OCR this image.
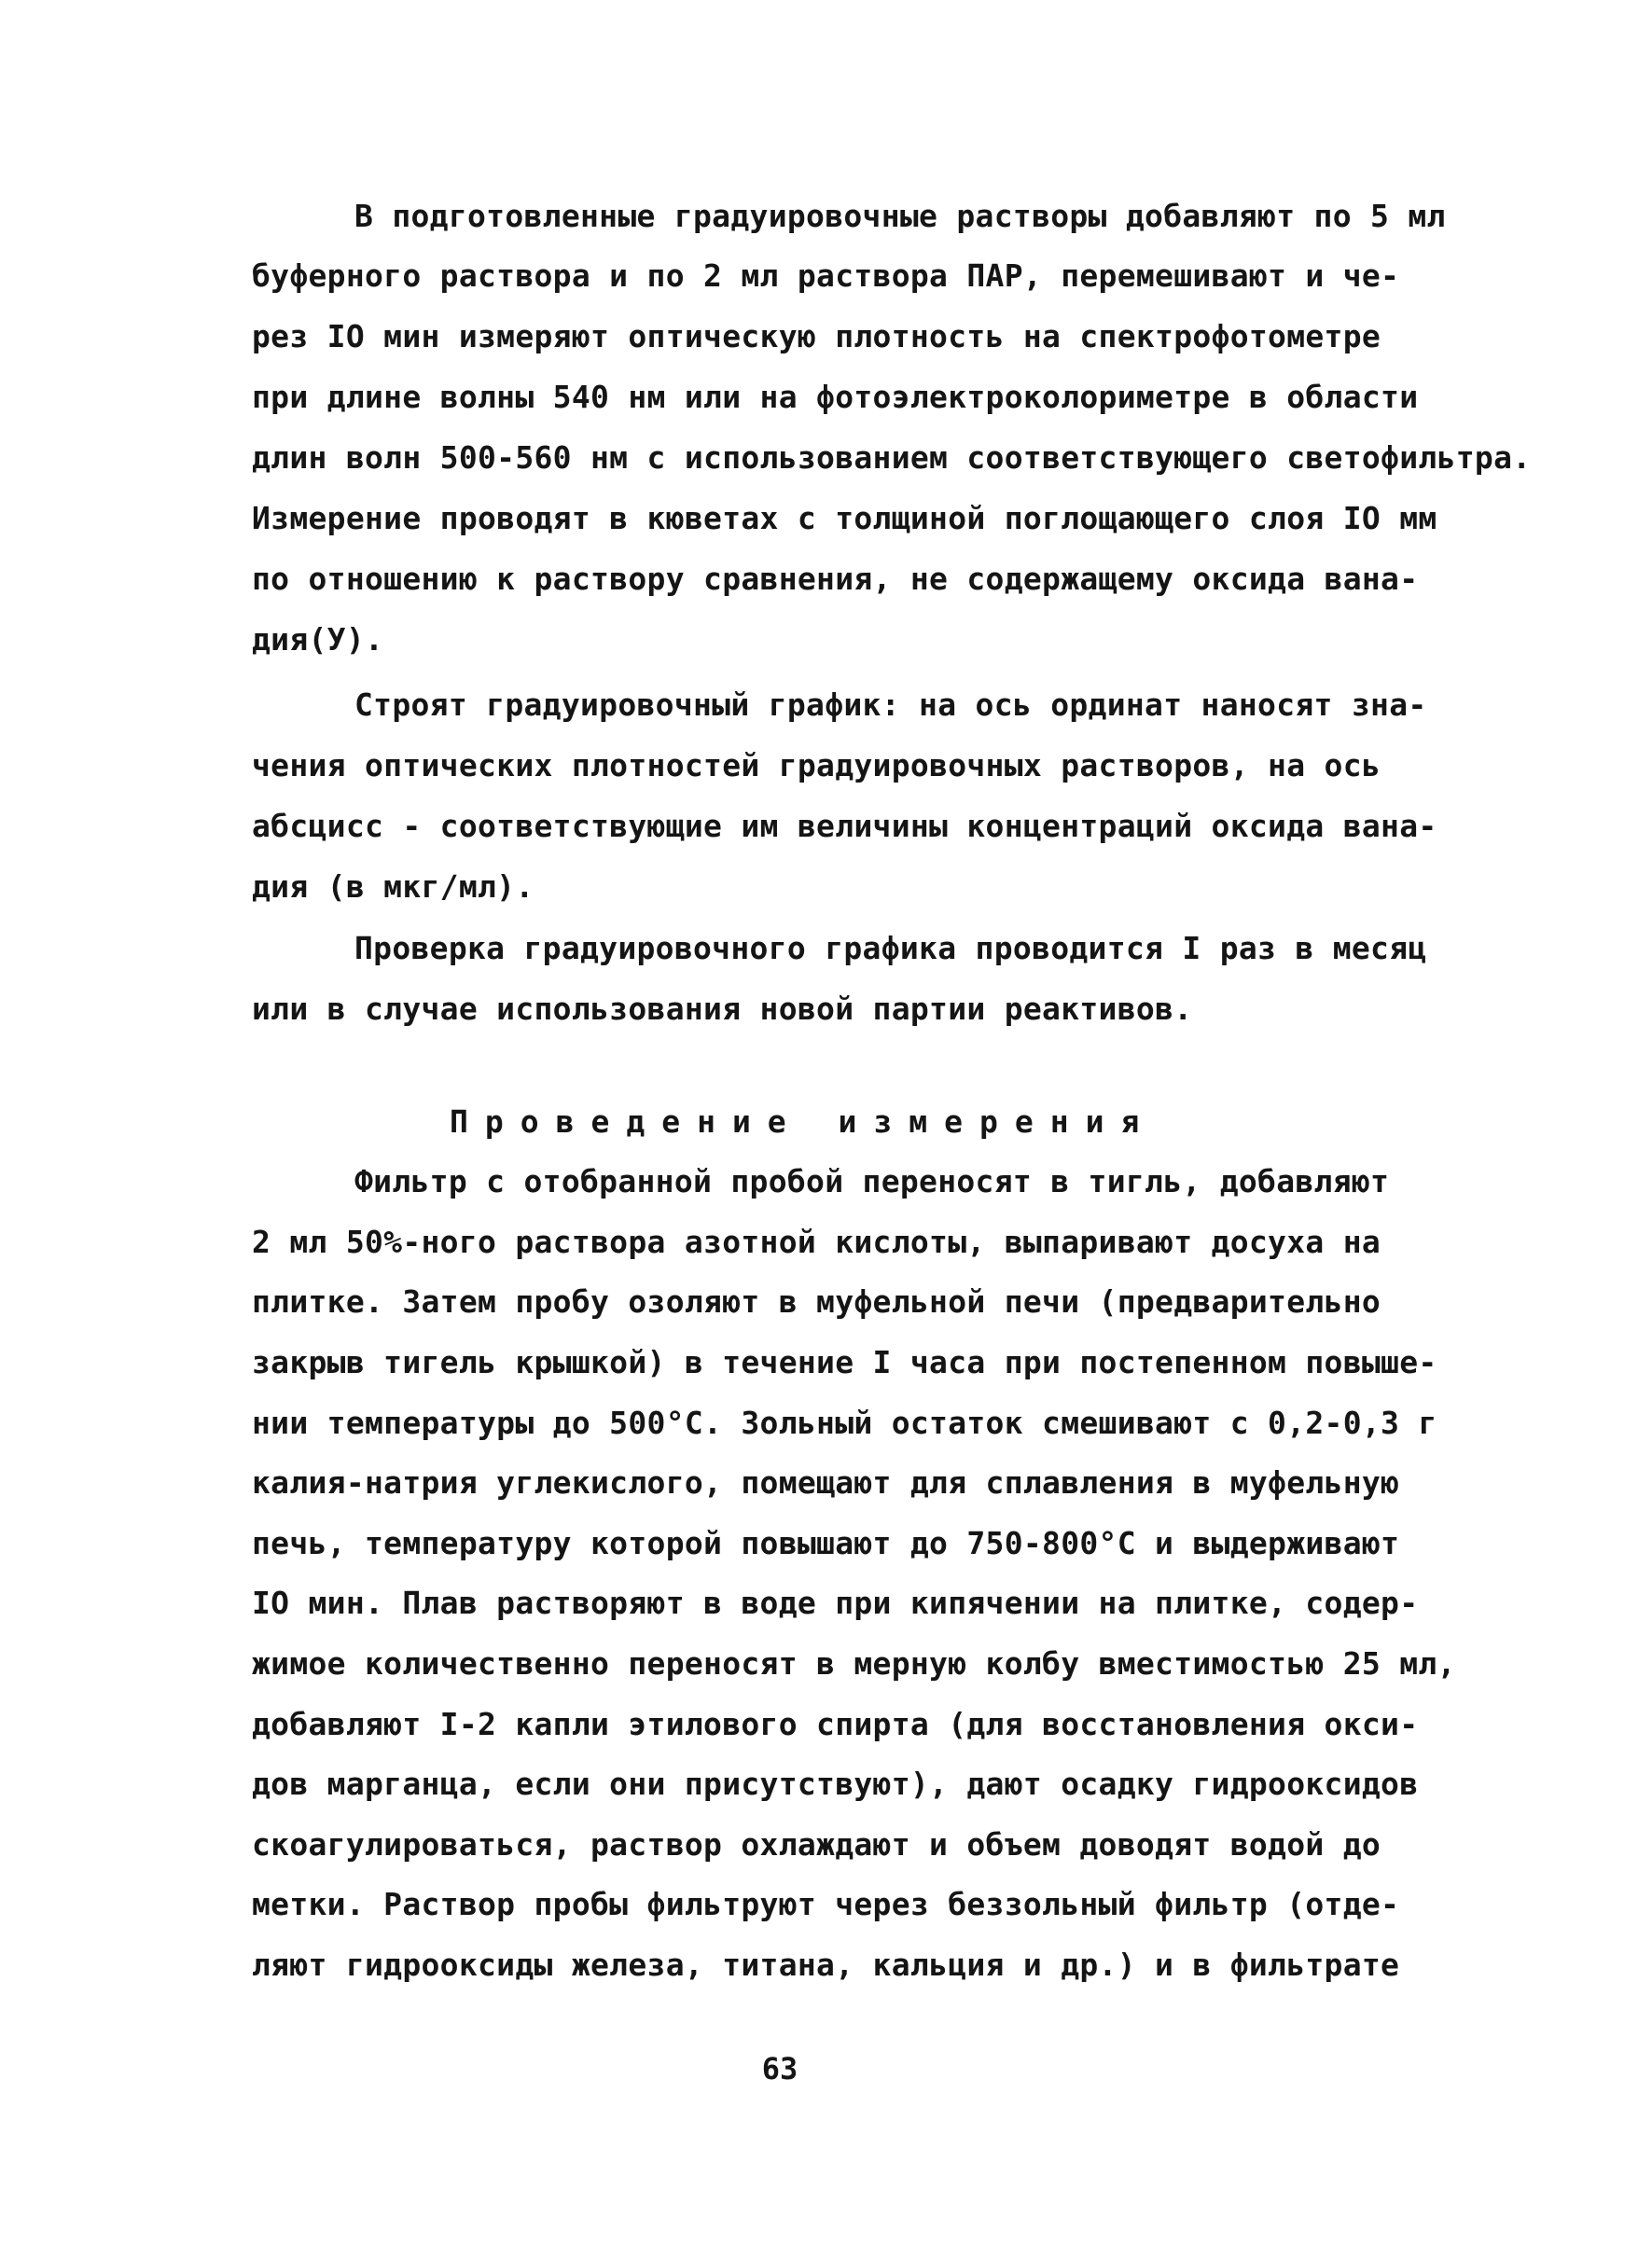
В подготовленные градуировочные растворы добавляют по 5 мл
буферного раствора и по 2 мл раствора ПАР, перемешивают и че-
рез IO мин измеряют оптическую плотность на спектрофотометре
при длине волны 540 нм или на фотоэлектроколориметре в области
длин волн 500-560 нм с использованием соответствующего светофильтра.
Измерение проводят в кюветах с толщиной поглощающего слоя IO мм
по отношению к раствору сравнения, не содержащему оксида ванa-
дия(У).
Строят градуировочный график: на ось ординат наносят зна-
чения оптических плотностей градуировочных растворов, на ось
абсцисс - соответствующие им величины концентраций оксида вана-
дия (в мкг/мл).
Проверка градуировочного графика проводится I раз в месяц
или в случае использования новой партии реактивов.
Проведение измерения
Фильтр с отобранной пробой переносят в тигль, добавляют
2 мл 50%-ного раствора азотной кислоты, выпаривают досуха на
плитке. Затем пробу озоляют в муфельной печи (предварительно
закрыв тигель крышкой) в течение I часа при постепенном повыше-
нии температуры до 500°С. Зольный остаток смешивают с 0,2-0,3 г
калия-натрия углекислого, помещают для сплавления в муфельную
печь, температуру которой повышают до 750-800°С и выдерживают
IO мин. Плав растворяют в воде при кипячении на плитке, содер-
жимое количественно переносят в мерную колбу вместимостью 25 мл,
добавляют I-2 капли этилового спирта (для восстановления окси-
дов марганца, если они присутствуют), дают осадку гидрооксидов
скоагулироваться, раствор охлаждают и объем доводят водой до
метки. Раствор пробы фильтруют через беззольный фильтр (отде-
ляют гидрооксиды железа, титана, кальция и др.) и в фильтрате
63
